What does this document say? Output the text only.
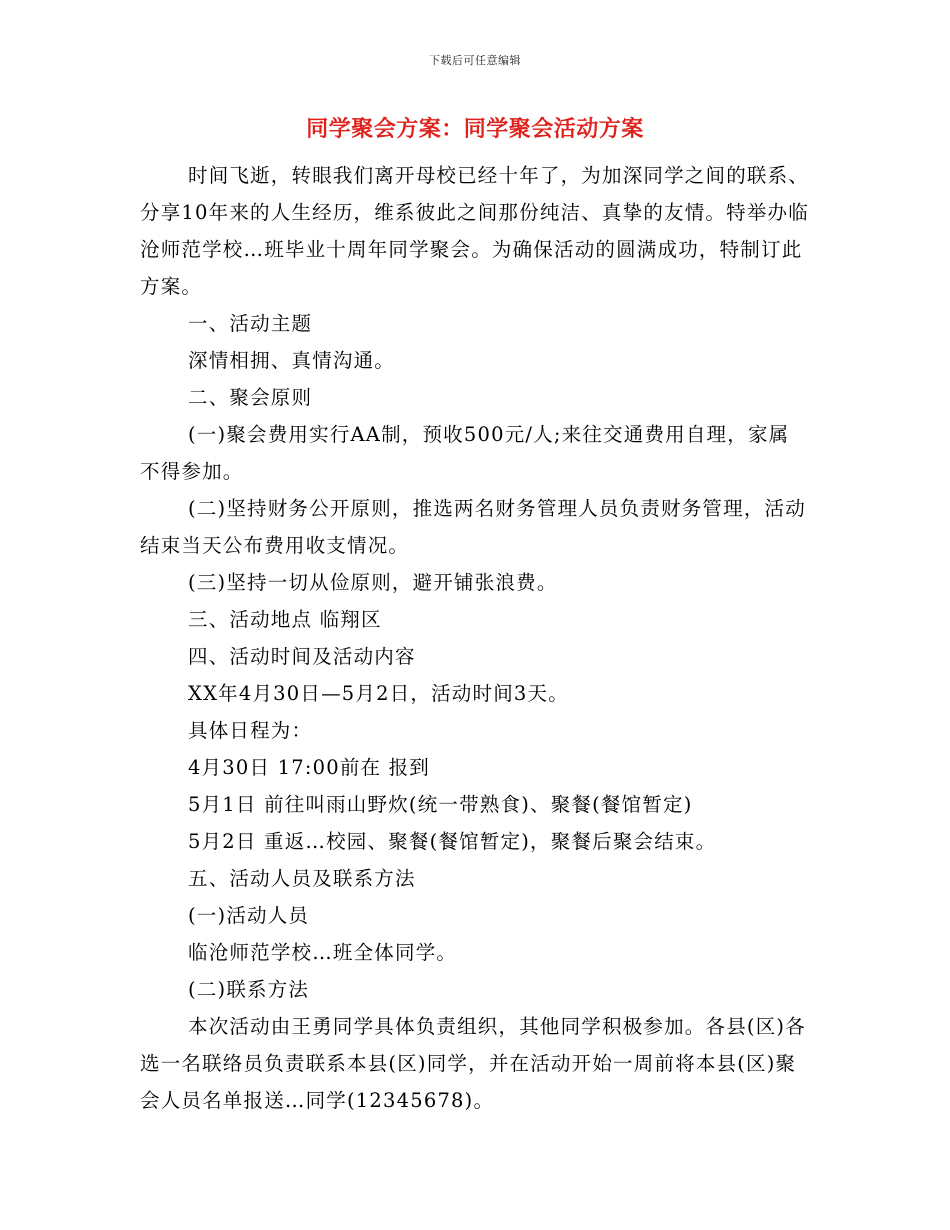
下载后可任意编辑
同学聚会方案：同学聚会活动方案

时间飞逝，转眼我们离开母校已经十年了，为加深同学之间的联系、分享10年来的人生经历，维系彼此之间那份纯洁、真挚的友情。特举办临沧师范学校…班毕业十周年同学聚会。为确保活动的圆满成功，特制订此方案。

一、活动主题

深情相拥、真情沟通。

二、聚会原则

(一)聚会费用实行AA制，预收500元/人;来往交通费用自理，家属不得参加。

(二)坚持财务公开原则，推选两名财务管理人员负责财务管理，活动结束当天公布费用收支情况。

(三)坚持一切从俭原则，避开铺张浪费。

三、活动地点 临翔区

四、活动时间及活动内容

XX年4月30日—5月2日，活动时间3天。

具体日程为：

4月30日 17:00前在 报到

5月1日 前往叫雨山野炊(统一带熟食)、聚餐(餐馆暂定)

5月2日 重返…校园、聚餐(餐馆暂定)，聚餐后聚会结束。

五、活动人员及联系方法

(一)活动人员

临沧师范学校…班全体同学。

(二)联系方法

本次活动由王勇同学具体负责组织，其他同学积极参加。各县(区)各选一名联络员负责联系本县(区)同学，并在活动开始一周前将本县(区)聚会人员名单报送…同学(12345678)。
